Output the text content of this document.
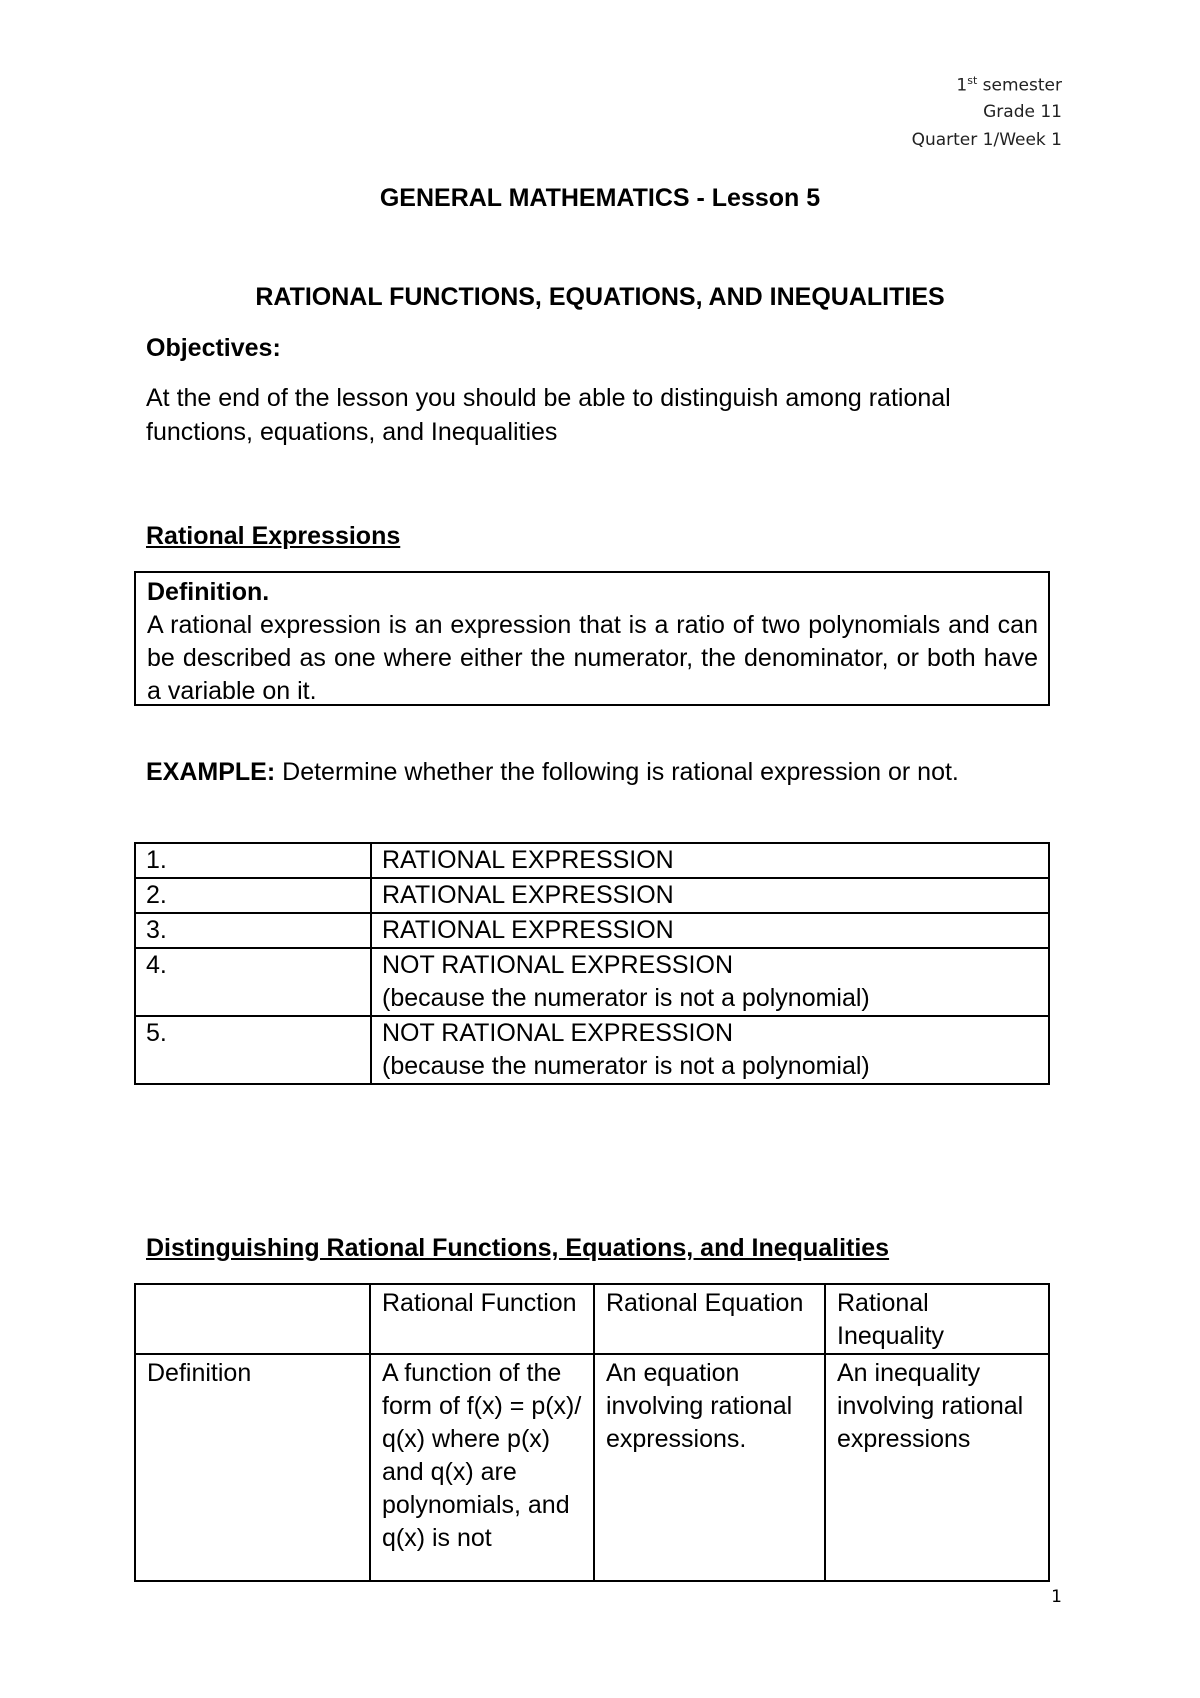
1st semester
Grade 11
Quarter 1/Week 1
GENERAL MATHEMATICS - Lesson 5
RATIONAL FUNCTIONS, EQUATIONS, AND INEQUALITIES
Objectives:
At the end of the lesson you should be able to distinguish among rational functions, equations, and Inequalities
Rational Expressions
Definition.
A rational expression is an expression that is a ratio of two polynomials and can be described as one where either the numerator, the denominator, or both have a variable on it.
EXAMPLE: Determine whether the following is rational expression or not.
1.	RATIONAL EXPRESSION
2.	RATIONAL EXPRESSION
3.	RATIONAL EXPRESSION
4.	NOT RATIONAL EXPRESSION
(because the numerator is not a polynomial)

5.	NOT RATIONAL EXPRESSION
(because the numerator is not a polynomial)
Distinguishing Rational Functions, Equations, and Inequalities
	Rational Function	Rational Equation	Rational Inequality
Definition	A function of the form of f(x) = p(x)/ q(x) where p(x) and q(x) are polynomials, and q(x) is not	An equation involving rational expressions.	An inequality involving rational expressions
1
